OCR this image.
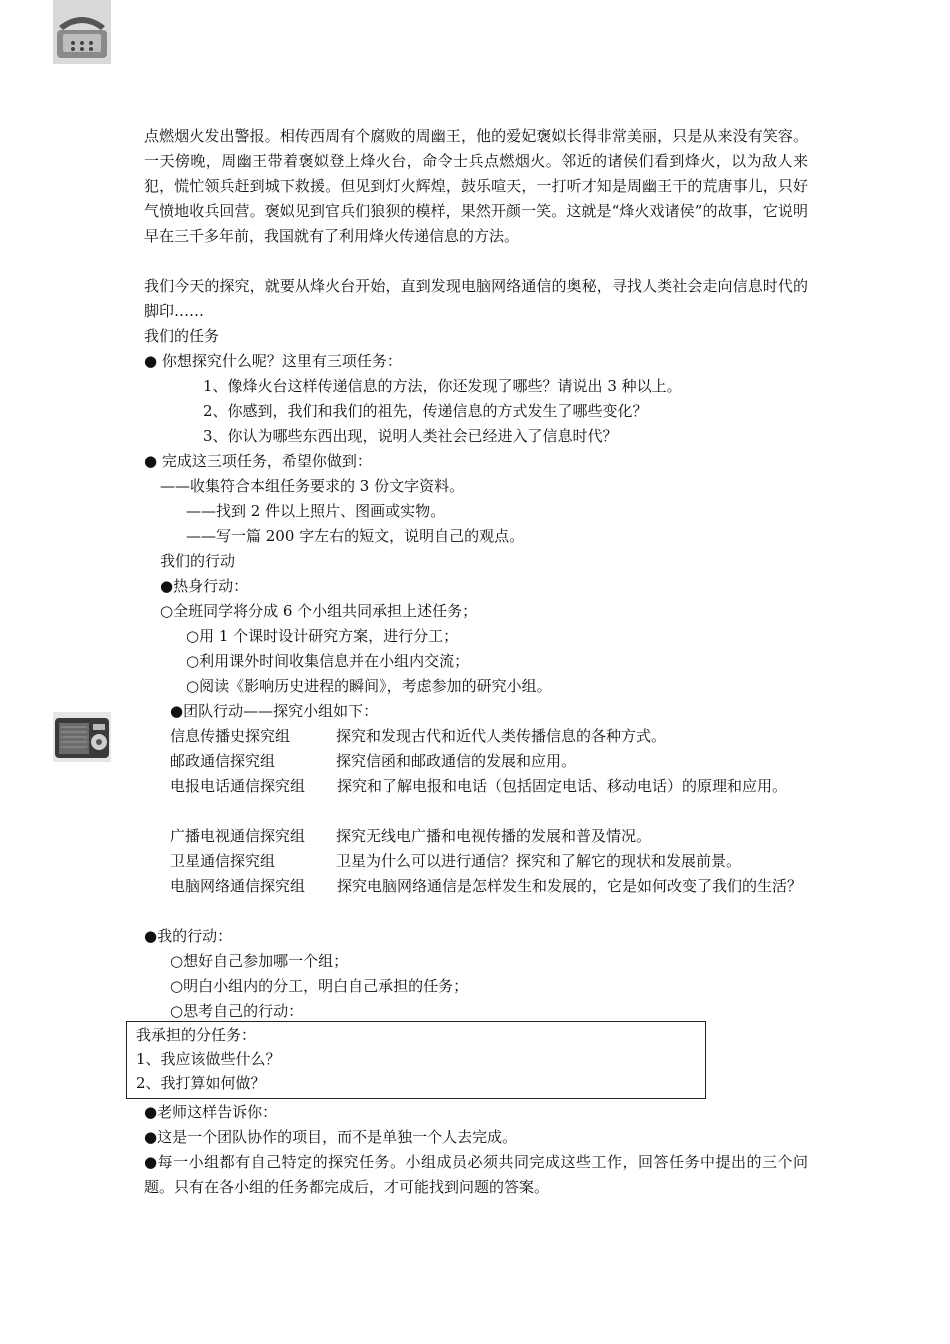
点燃烟火发出警报。相传西周有个腐败的周幽王，他的爱妃褒姒长得非常美丽，只是从来没有笑容。一天傍晚，周幽王带着褒姒登上烽火台，命令士兵点燃烟火。邻近的诸侯们看到烽火，以为敌人来犯，慌忙领兵赶到城下救援。但见到灯火辉煌，鼓乐喧天，一打听才知是周幽王干的荒唐事儿，只好气愤地收兵回营。褒姒见到官兵们狼狈的模样，果然开颜一笑。这就是“烽火戏诸侯”的故事，它说明早在三千多年前，我国就有了利用烽火传递信息的方法。
我们今天的探究，就要从烽火台开始，直到发现电脑网络通信的奥秘，寻找人类社会走向信息时代的脚印……
我们的任务
● 你想探究什么呢？这里有三项任务：
1、像烽火台这样传递信息的方法，你还发现了哪些？请说出 3 种以上。
2、你感到，我们和我们的祖先，传递信息的方式发生了哪些变化？
3、你认为哪些东西出现，说明人类社会已经进入了信息时代？
● 完成这三项任务，希望你做到：
——收集符合本组任务要求的 3 份文字资料。
——找到 2 件以上照片、图画或实物。
——写一篇 200 字左右的短文，说明自己的观点。
我们的行动
●热身行动：
○全班同学将分成 6 个小组共同承担上述任务；
○用 1 个课时设计研究方案，进行分工；
○利用课外时间收集信息并在小组内交流；
○阅读《影响历史进程的瞬间》，考虑参加的研究小组。
●团队行动——探究小组如下：
信息传播史探究组	探究和发现古代和近代人类传播信息的各种方式。
邮政通信探究组	探究信函和邮政通信的发展和应用。
电报电话通信探究组 探究和了解电报和电话（包括固定电话、移动电话）的原理和应用。
广播电视通信探究组	探究无线电广播和电视传播的发展和普及情况。
卫星通信探究组	卫星为什么可以进行通信？探究和了解它的现状和发展前景。
电脑网络通信探究组 探究电脑网络通信是怎样发生和发展的，它是如何改变了我们的生活？
●我的行动：
○想好自己参加哪一个组；
○明白小组内的分工，明白自己承担的任务；
○思考自己的行动：
我承担的分任务：
1、我应该做些什么？
2、我打算如何做？
●老师这样告诉你：
●这是一个团队协作的项目，而不是单独一个人去完成。
●每一小组都有自己特定的探究任务。小组成员必须共同完成这些工作，回答任务中提出的三个问题。只有在各小组的任务都完成后，才可能找到问题的答案。
